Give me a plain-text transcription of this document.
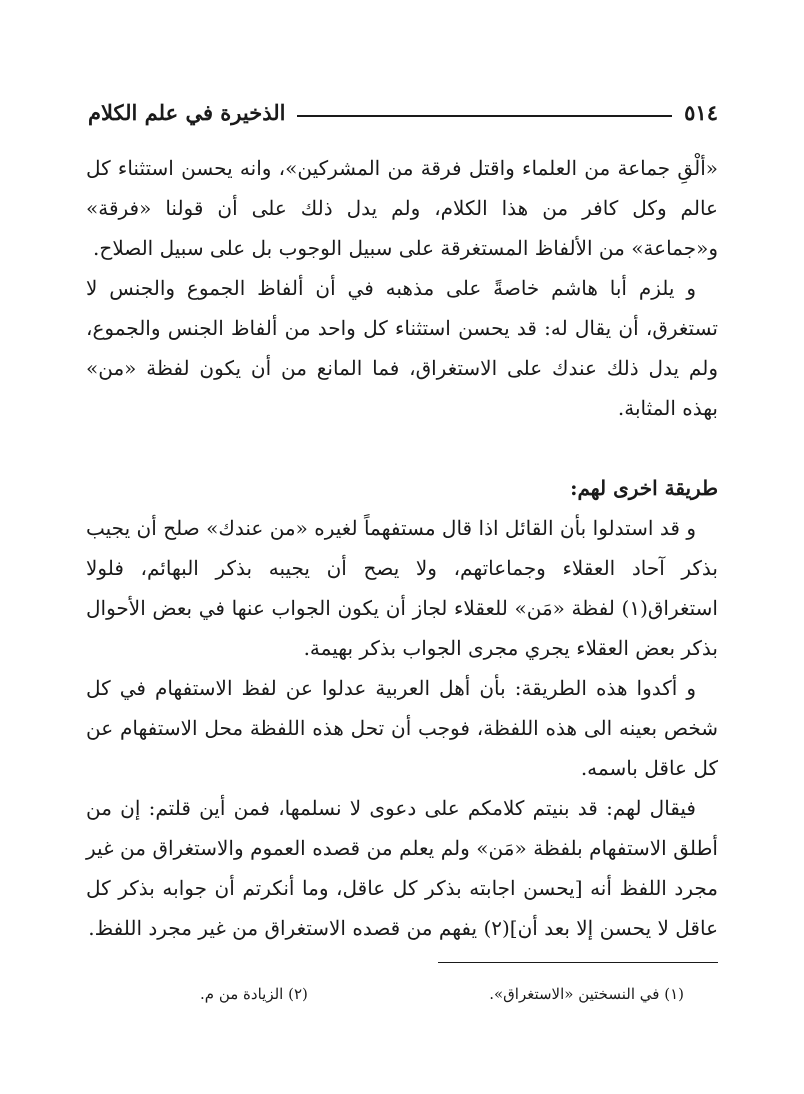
٥١٤
الذخيرة في علم الكلام

«ألْقِ جماعة من العلماء واقتل فرقة من المشركين»، وانه يحسن استثناء كل عالم وكل كافر من هذا الكلام، ولم يدل ذلك على أن قولنا «فرقة» و«جماعة» من الألفاظ المستغرقة على سبيل الوجوب بل على سبيل الصلاح.

و يلزم أبا هاشم خاصةً على مذهبه في أن ألفاظ الجموع والجنس لا تستغرق، أن يقال له: قد يحسن استثناء كل واحد من ألفاظ الجنس والجموع، ولم يدل ذلك عندك على الاستغراق، فما المانع من أن يكون لفظة «من» بهذه المثابة.

طريقة اخرى لهم:

و قد استدلوا بأن القائل اذا قال مستفهماً لغيره «من عندك» صلح أن يجيب بذكر آحاد العقلاء وجماعاتهم، ولا يصح أن يجيبه بذكر البهائم، فلولا استغراق(١) لفظة «مَن» للعقلاء لجاز أن يكون الجواب عنها في بعض الأحوال بذكر بعض العقلاء يجري مجرى الجواب بذكر بهيمة.

و أكدوا هذه الطريقة: بأن أهل العربية عدلوا عن لفظ الاستفهام في كل شخص بعينه الى هذه اللفظة، فوجب أن تحل هذه اللفظة محل الاستفهام عن كل عاقل باسمه.

فيقال لهم: قد بنيتم كلامكم على دعوى لا نسلمها، فمن أين قلتم: إن من أطلق الاستفهام بلفظة «مَن» ولم يعلم من قصده العموم والاستغراق من غير مجرد اللفظ أنه [يحسن اجابته بذكر كل عاقل، وما أنكرتم أن جوابه بذكر كل عاقل لا يحسن إلا بعد أن](٢) يفهم من قصده الاستغراق من غير مجرد اللفظ.

(١) في النسختين «الاستغراق».
(٢) الزيادة من م.
